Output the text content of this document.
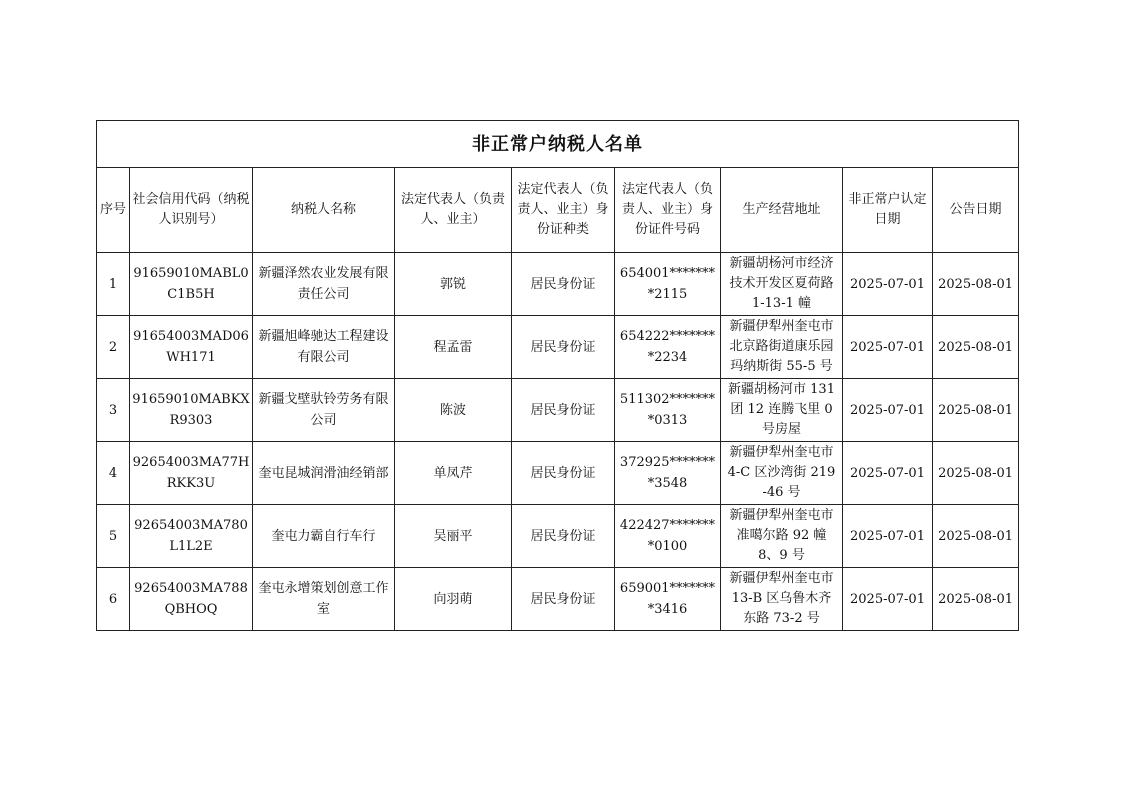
非正常户纳税人名单								
序号	社会信用代码（纳税人识别号）	纳税人名称	法定代表人（负责人、业主）	法定代表人（负责人、业主）身份证种类	法定代表人（负责人、业主）身份证件号码	生产经营地址	非正常户认定日期	公告日期
1	91659010MABL0C1B5H	新疆泽然农业发展有限责任公司	郭锐	居民身份证	654001********2115	新疆胡杨河市经济技术开发区夏荷路 1-13-1 幢	2025-07-01	2025-08-01
2	91654003MAD06WH171	新疆旭峰驰达工程建设有限公司	程孟雷	居民身份证	654222********2234	新疆伊犁州奎屯市北京路街道康乐园玛纳斯街 55-5 号	2025-07-01	2025-08-01
3	91659010MABKXR9303	新疆戈壁驮铃劳务有限公司	陈波	居民身份证	511302********0313	新疆胡杨河市 131 团 12 连腾飞里 0 号房屋	2025-07-01	2025-08-01
4	92654003MA77HRKK3U	奎屯昆城润滑油经销部	单凤芹	居民身份证	372925********3548	新疆伊犁州奎屯市 4-C 区沙湾街 219-46 号	2025-07-01	2025-08-01
5	92654003MA780L1L2E	奎屯力霸自行车行	吴丽平	居民身份证	422427********0100	新疆伊犁州奎屯市准噶尔路 92 幢 8、9 号	2025-07-01	2025-08-01
6	92654003MA788QBHOQ	奎屯永增策划创意工作室	向羽萌	居民身份证	659001********3416	新疆伊犁州奎屯市 13-B 区乌鲁木齐东路 73-2 号	2025-07-01	2025-08-01
